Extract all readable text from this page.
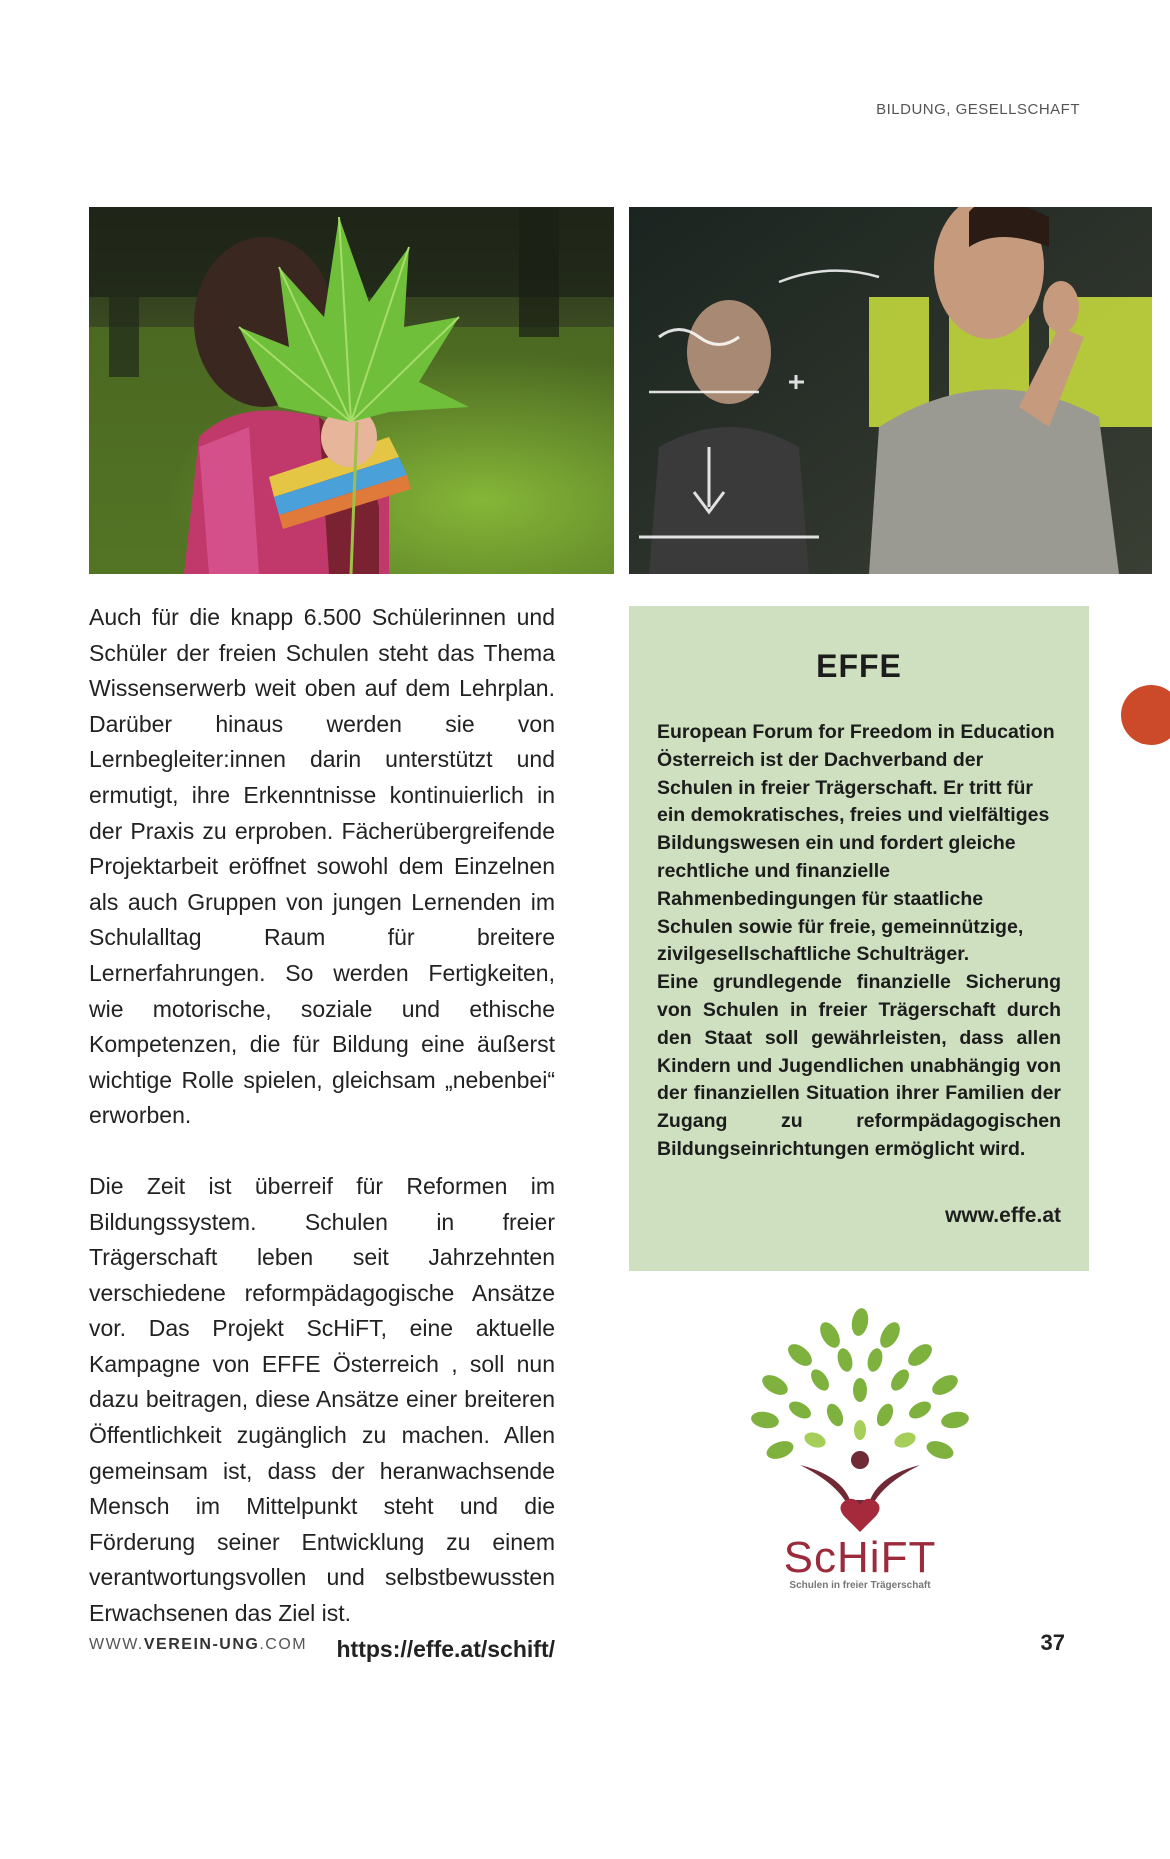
BILDUNG, GESELLSCHAFT

Auch für die knapp 6.500 Schülerinnen und Schüler der freien Schulen steht das Thema Wissenserwerb weit oben auf dem Lehrplan. Darüber hinaus werden sie von Lernbegleiter:innen darin unterstützt und ermutigt, ihre Erkenntnisse kontinuierlich in der Praxis zu erproben. Fächerübergreifende Projektarbeit eröffnet sowohl dem Einzelnen als auch Gruppen von jungen Lernenden im Schulalltag Raum für breitere Lernerfahrungen. So werden Fertigkeiten, wie motorische, soziale und ethische Kompetenzen, die für Bildung eine äußerst wichtige Rolle spielen, gleichsam „nebenbei“ erworben.

Die Zeit ist überreif für Reformen im Bildungssystem. Schulen in freier Trägerschaft leben seit Jahrzehnten verschiedene reformpädagogische Ansätze vor. Das Projekt ScHiFT, eine aktuelle Kampagne von EFFE Österreich , soll nun dazu beitragen, diese Ansätze einer breiteren Öffentlichkeit zugänglich zu machen. Allen gemeinsam ist, dass der heranwachsende Mensch im Mittelpunkt steht und die Förderung seiner Entwicklung zu einem verantwortungsvollen und selbstbewussten Erwachsenen das Ziel ist.

https://effe.at/schift/

EFFE

European Forum for Freedom in Education Österreich ist der Dachverband der Schulen in freier Trägerschaft. Er tritt für ein demokratisches, freies und vielfältiges Bildungswesen ein und fordert gleiche rechtliche und finanzielle Rahmenbedingungen für staatliche Schulen sowie für freie, gemeinnützige, zivilgesellschaftliche Schulträger.

Eine grundlegende finanzielle Sicherung von Schulen in freier Trägerschaft durch den Staat soll gewährleisten, dass allen Kindern und Jugendlichen unabhängig von der finanziellen Situation ihrer Familien der Zugang zu reformpädagogischen Bildungseinrichtungen ermöglicht wird.

www.effe.at
ScHiFT
Schulen in freier Trägerschaft
WWW.VEREIN-UNG.COM	37
